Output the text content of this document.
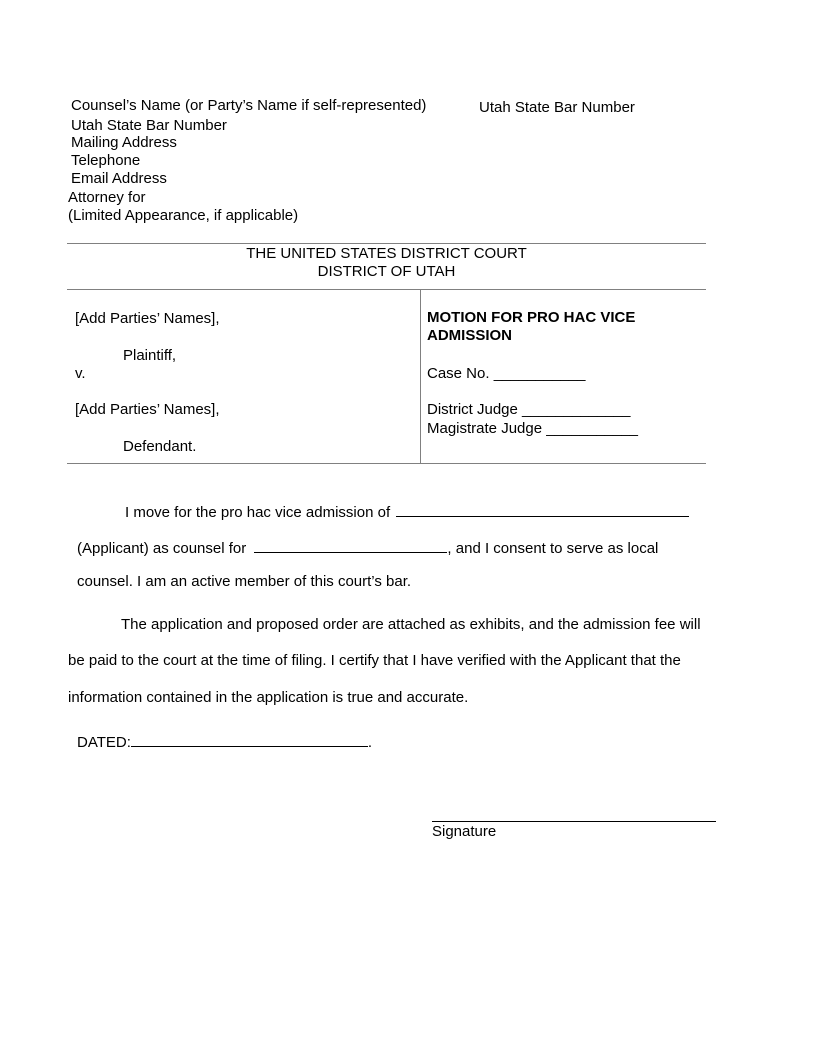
Counsel’s Name (or Party’s Name if self-represented)	Utah State Bar Number
Utah State Bar Number
Mailing Address
Telephone
Email Address
Attorney for
(Limited Appearance, if applicable)
THE UNITED STATES DISTRICT COURT
DISTRICT OF UTAH
[Add Parties’ Names],
Plaintiff,
v.
[Add Parties’ Names],
Defendant.
MOTION FOR PRO HAC VICE
ADMISSION
Case No. ___________
District Judge _____________
Magistrate Judge ___________
I move for the pro hac vice admission of
(Applicant) as counsel for	, and I consent to serve as local
counsel. I am an active member of this court’s bar.
The application and proposed order are attached as exhibits, and the admission fee will
be paid to the court at the time of filing. I certify that I have verified with the Applicant that the
information contained in the application is true and accurate.
DATED:	.
Signature
